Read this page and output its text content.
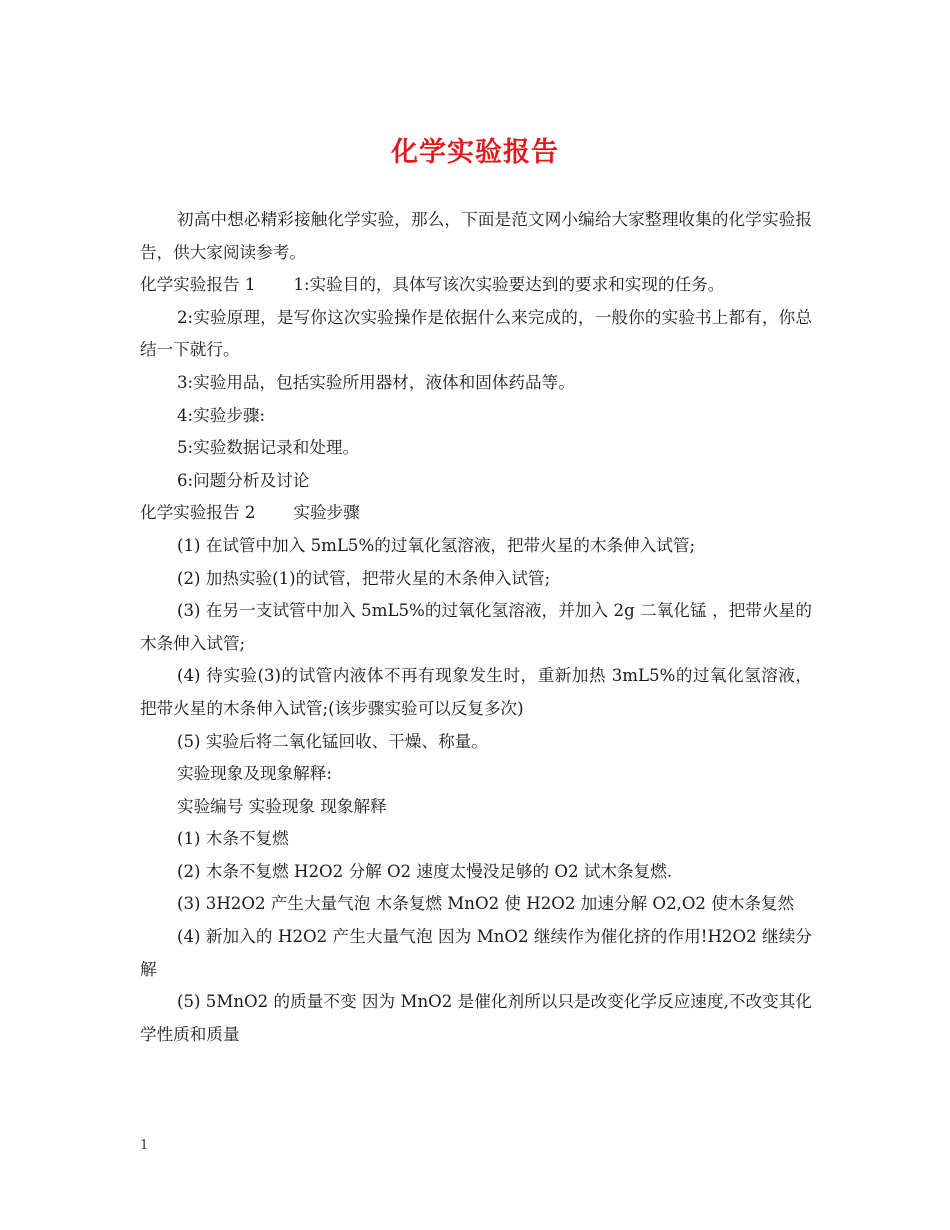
化学实验报告

初高中想必精彩接触化学实验，那么，下面是范文网小编给大家整理收集的化学实验报告，供大家阅读参考。

化学实验报告 1 1:实验目的，具体写该次实验要达到的要求和实现的任务。

2:实验原理，是写你这次实验操作是依据什么来完成的，一般你的实验书上都有，你总结一下就行。

3:实验用品，包括实验所用器材，液体和固体药品等。

4:实验步骤:

5:实验数据记录和处理。

6:问题分析及讨论

化学实验报告 2 实验步骤

(1) 在试管中加入 5mL5%的过氧化氢溶液，把带火星的木条伸入试管;

(2) 加热实验(1)的试管，把带火星的木条伸入试管;

(3) 在另一支试管中加入 5mL5%的过氧化氢溶液，并加入 2g 二氧化锰 ，把带火星的木条伸入试管;

(4) 待实验(3)的试管内液体不再有现象发生时，重新加热 3mL5%的过氧化氢溶液，把带火星的木条伸入试管;(该步骤实验可以反复多次)

(5) 实验后将二氧化锰回收、干燥、称量。

实验现象及现象解释:

实验编号 实验现象 现象解释

(1) 木条不复燃

(2) 木条不复燃 H2O2 分解 O2 速度太慢没足够的 O2 试木条复燃.

(3) 3H2O2 产生大量气泡 木条复燃 MnO2 使 H2O2 加速分解 O2,O2 使木条复然

(4) 新加入的 H2O2 产生大量气泡 因为 MnO2 继续作为催化挤的作用!H2O2 继续分解

(5) 5MnO2 的质量不变 因为 MnO2 是催化剂所以只是改变化学反应速度,不改变其化学性质和质量

1
